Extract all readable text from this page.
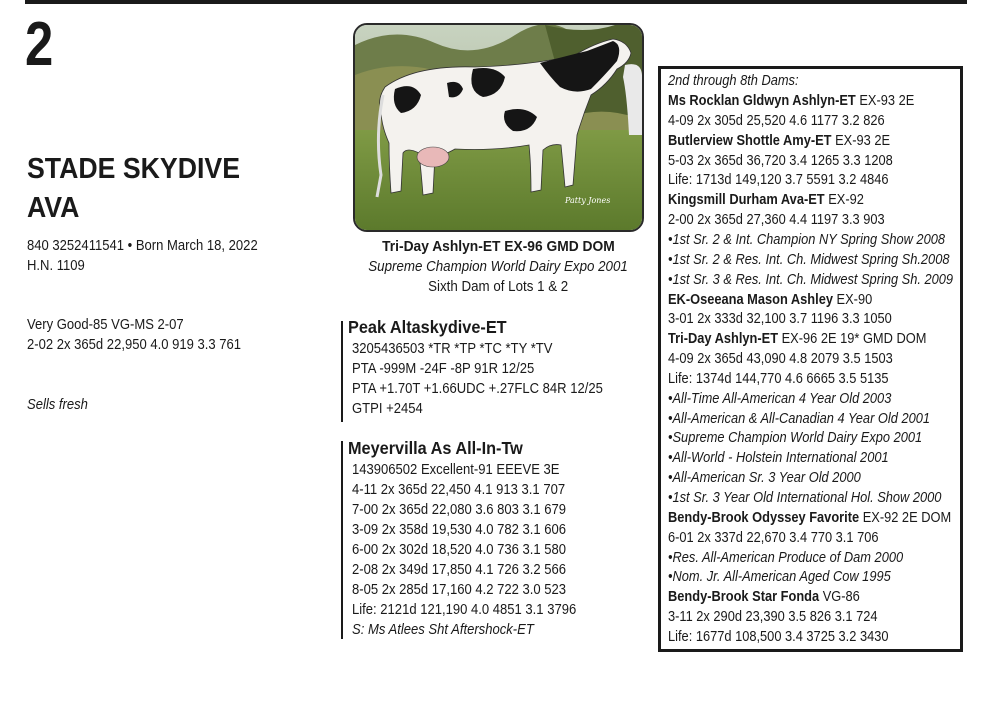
2
STADE SKYDIVE
AVA
840 3252411541 • Born March 18, 2022
H.N. 1109
Very Good-85 VG-MS 2-07
2-02 2x 365d 22,950 4.0 919 3.3 761
Sells fresh
Patty Jones
Tri-Day Ashlyn-ET EX-96 GMD DOM
Supreme Champion World Dairy Expo 2001
Sixth Dam of Lots 1 & 2
Peak Altaskydive-ET
3205436503 *TR *TP *TC *TY *TV
PTA -999M -24F -8P 91R 12/25
PTA +1.70T +1.66UDC +.27FLC 84R 12/25
GTPI +2454
Meyervilla As All-In-Tw
143906502 Excellent-91 EEEVE 3E
4-11 2x 365d 22,450 4.1 913 3.1 707
7-00 2x 365d 22,080 3.6 803 3.1 679
3-09 2x 358d 19,530 4.0 782 3.1 606
6-00 2x 302d 18,520 4.0 736 3.1 580
2-08 2x 349d 17,850 4.1 726 3.2 566
8-05 2x 285d 17,160 4.2 722 3.0 523
Life: 2121d 121,190 4.0 4851 3.1 3796
S: Ms Atlees Sht Aftershock-ET
2nd through 8th Dams:
Ms Rocklan Gldwyn Ashlyn-ET EX-93 2E
4-09 2x 305d 25,520 4.6 1177 3.2 826
Butlerview Shottle Amy-ET EX-93 2E
5-03 2x 365d 36,720 3.4 1265 3.3 1208
Life: 1713d 149,120 3.7 5591 3.2 4846
Kingsmill Durham Ava-ET EX-92
2-00 2x 365d 27,360 4.4 1197 3.3 903
•1st Sr. 2 & Int. Champion NY Spring Show 2008
•1st Sr. 2 & Res. Int. Ch. Midwest Spring Sh.2008
•1st Sr. 3 & Res. Int. Ch. Midwest Spring Sh. 2009
EK-Oseeana Mason Ashley EX-90
3-01 2x 333d 32,100 3.7 1196 3.3 1050
Tri-Day Ashlyn-ET EX-96 2E 19* GMD DOM
4-09 2x 365d 43,090 4.8 2079 3.5 1503
Life: 1374d 144,770 4.6 6665 3.5 5135
•All-Time All-American 4 Year Old 2003
•All-American & All-Canadian 4 Year Old 2001
•Supreme Champion World Dairy Expo 2001
•All-World - Holstein International 2001
•All-American Sr. 3 Year Old 2000
•1st Sr. 3 Year Old International Hol. Show 2000
Bendy-Brook Odyssey Favorite EX-92 2E DOM
6-01 2x 337d 22,670 3.4 770 3.1 706
•Res. All-American Produce of Dam 2000
•Nom. Jr. All-American Aged Cow 1995
Bendy-Brook Star Fonda VG-86
3-11 2x 290d 23,390 3.5 826 3.1 724
Life: 1677d 108,500 3.4 3725 3.2 3430
